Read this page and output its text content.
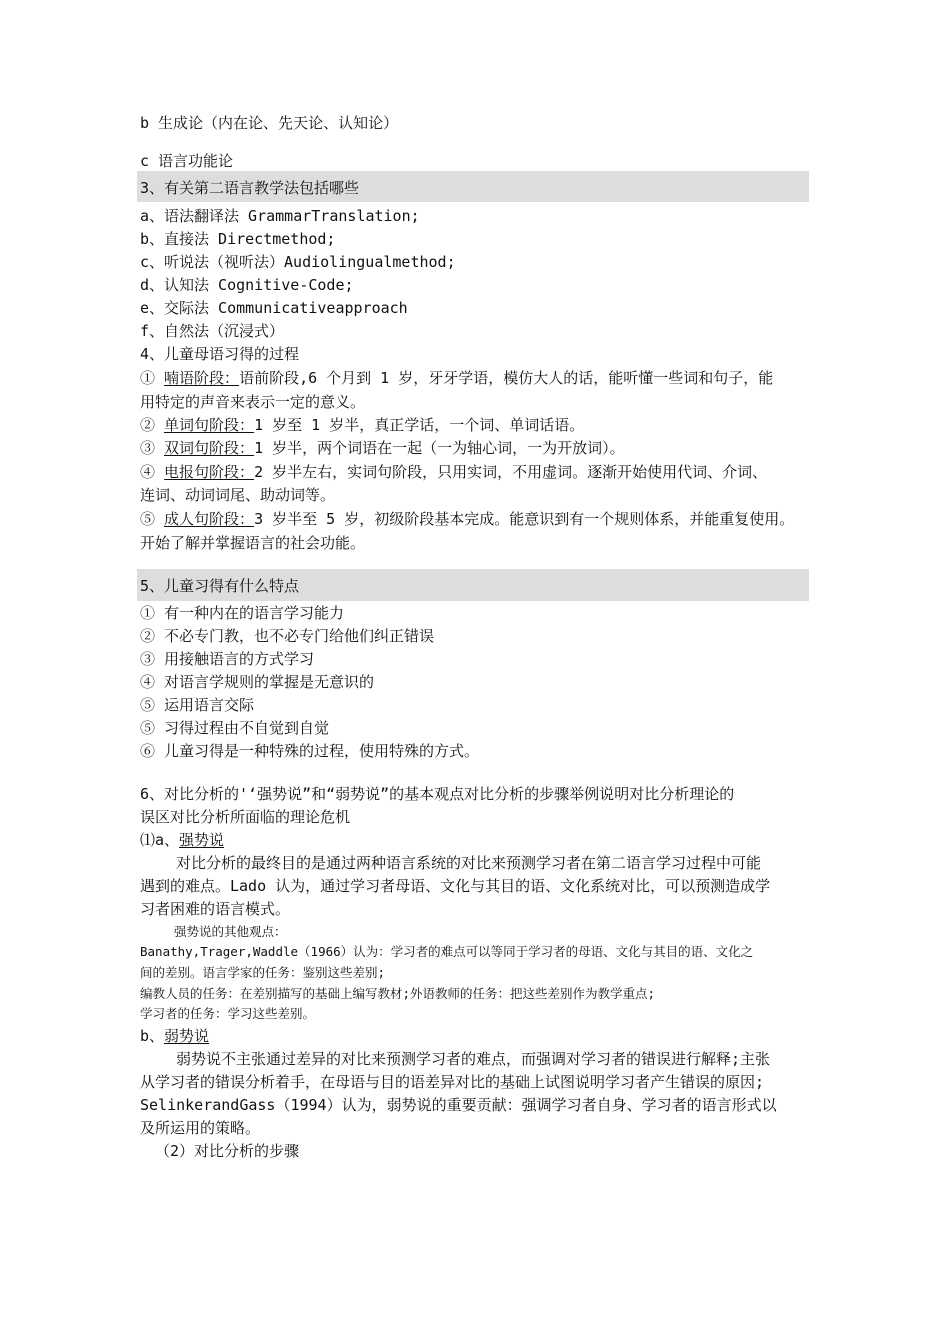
b 生成论（内在论、先天论、认知论）
c 语言功能论
3、有关第二语言教学法包括哪些
a、语法翻译法 GrammarTranslation;
b、直接法 Directmethod;
c、听说法（视听法）Audiolingualmethod;
d、认知法 Cognitive-Code;
e、交际法 Communicativeapproach
f、自然法（沉浸式）
4、儿童母语习得的过程
① 喃语阶段：语前阶段,6 个月到 1 岁，牙牙学语，模仿大人的话，能听懂一些词和句子，能
用特定的声音来表示一定的意义。
② 单词句阶段：1 岁至 1 岁半，真正学话，一个词、单词话语。
③ 双词句阶段：1 岁半，两个词语在一起（一为轴心词，一为开放词）。
④ 电报句阶段：2 岁半左右，实词句阶段，只用实词，不用虚词。逐渐开始使用代词、介词、
连词、动词词尾、助动词等。
⑤ 成人句阶段：3 岁半至 5 岁，初级阶段基本完成。能意识到有一个规则体系，并能重复使用。
开始了解并掌握语言的社会功能。
5、儿童习得有什么特点
① 有一种内在的语言学习能力
② 不必专门教，也不必专门给他们纠正错误
③ 用接触语言的方式学习
④ 对语言学规则的掌握是无意识的
⑤ 运用语言交际
⑤ 习得过程由不自觉到自觉
⑥ 儿童习得是一种特殊的过程，使用特殊的方式。
6、对比分析的'‘强势说”和“弱势说”的基本观点对比分析的步骤举例说明对比分析理论的
误区对比分析所面临的理论危机
⑴a、强势说
对比分析的最终目的是通过两种语言系统的对比来预测学习者在第二语言学习过程中可能
遇到的难点。Lado 认为，通过学习者母语、文化与其目的语、文化系统对比，可以预测造成学
习者困难的语言模式。
强势说的其他观点：
Banathy,Trager,Waddle（1966）认为：学习者的难点可以等同于学习者的母语、文化与其目的语、文化之
间的差别。语言学家的任务：鉴别这些差别;
编教人员的任务：在差别描写的基础上编写教材;外语教师的任务：把这些差别作为教学重点;
学习者的任务：学习这些差别。
b、弱势说
弱势说不主张通过差异的对比来预测学习者的难点，而强调对学习者的错误进行解释;主张
从学习者的错误分析着手，在母语与目的语差异对比的基础上试图说明学习者产生错误的原因;
SelinkerandGass（1994）认为，弱势说的重要贡献：强调学习者自身、学习者的语言形式以
及所运用的策略。
（2）对比分析的步骤
